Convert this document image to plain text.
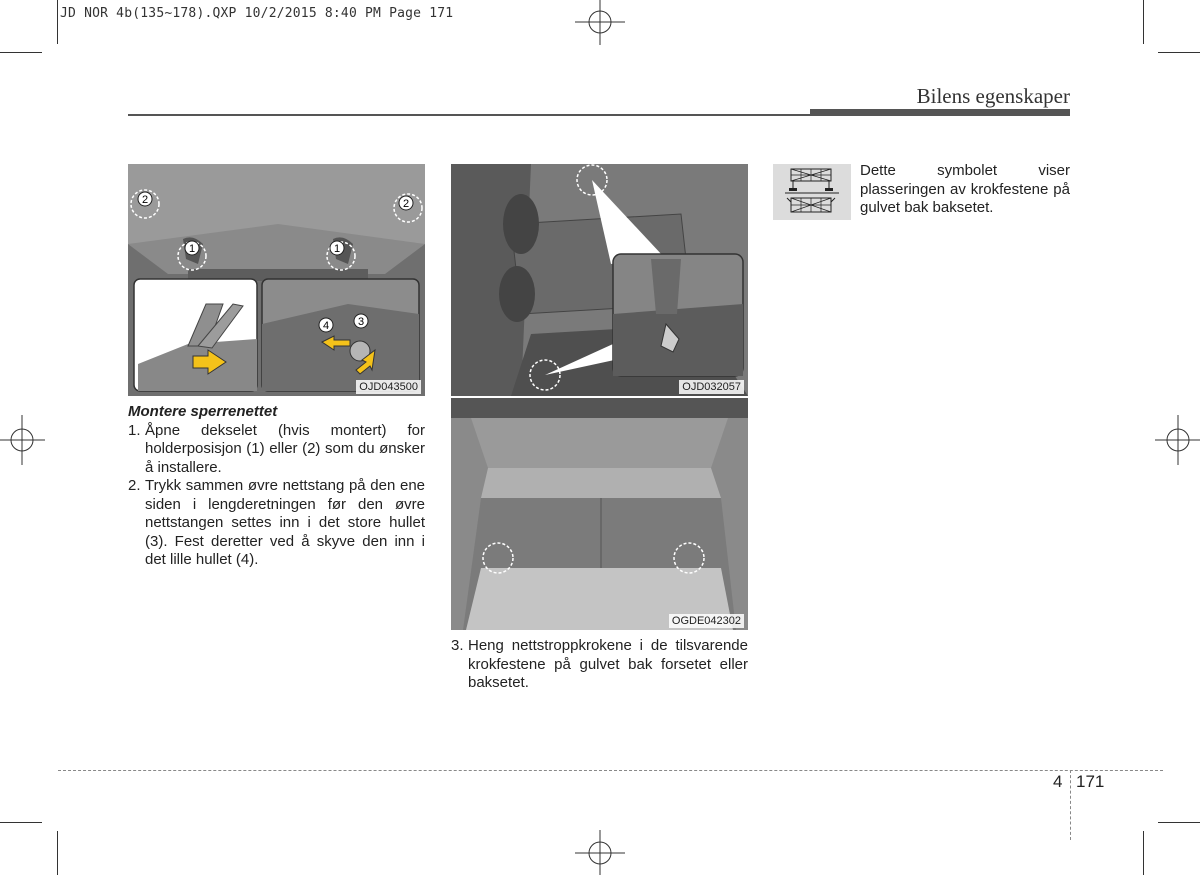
JD NOR 4b(135~178).QXP 10/2/2015 8:40 PM Page 171
Bilens egenskaper
1	1
2	2
4	3
OJD043500	OJD032057
OGDE042302
Montere sperrenettet
1. Åpne dekselet (hvis montert) for holderposisjon (1) eller (2) som du ønsker å installere.
2. Trykk sammen øvre nettstang på den ene siden i lengderetningen før den øvre nettstangen settes inn i det store hullet (3). Fest deretter ved å skyve den inn i det lille hullet (4).
3. Heng nettstroppkrokene i de tilsvarende krokfestene på gulvet bak forsetet eller baksetet.
Dette symbolet viser plasseringen av krokfestene på gulvet bak baksetet.
4 171
